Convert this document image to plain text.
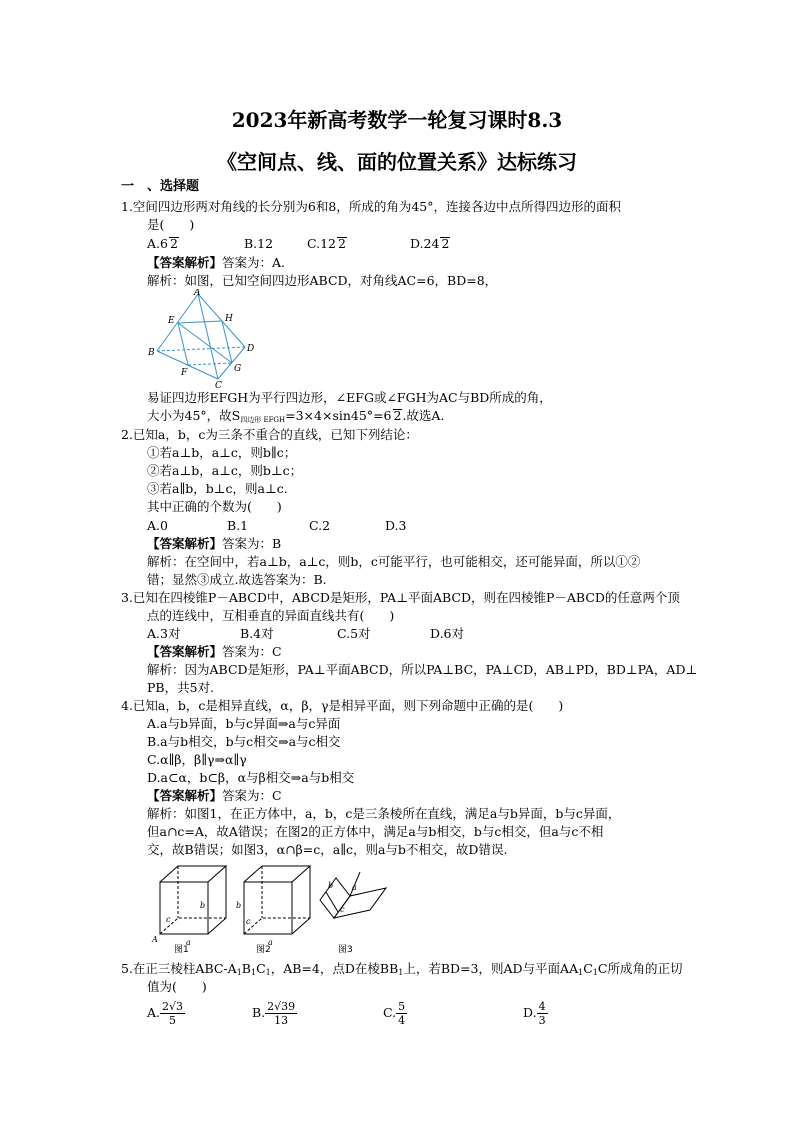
2023年新高考数学一轮复习课时8.3
《空间点、线、面的位置关系》达标练习
一　、选择题
1.空间四边形两对角线的长分别为6和8，所成的角为45°，连接各边中点所得四边形的面积
是(　　)
A.6 2	B.12	C.12 2	D.24 2
【答案解析】答案为：A.
解析：如图，已知空间四边形ABCD，对角线AC=6，BD=8，
A
E	H
B	D
F	G
C
易证四边形EFGH为平行四边形，∠EFG或∠FGH为AC与BD所成的角，
大小为45°，故$S_{四边形 EFGH}=3\times 4\times\sin 45^\circ=6$ 2.故选A.
2.已知a，b，c为三条不重合的直线，已知下列结论：
①若a⊥b，a⊥c，则b∥c；
②若a⊥b，a⊥c，则b⊥c；
③若a∥b，b⊥c，则a⊥c.
其中正确的个数为(　　)
A.0	B.1	C.2	D.3
【答案解析】答案为：B
解析：在空间中，若a⊥b，a⊥c，则b，c可能平行，也可能相交，还可能异面，所以①②
错；显然③成立.故选答案为：B.
3.已知在四棱锥P－ABCD中，ABCD是矩形，PA⊥平面ABCD，则在四棱锥P－ABCD的任意两个顶
点的连线中，互相垂直的异面直线共有(　　)
A.3对	B.4对	C.5对	D.6对
【答案解析】答案为：C
解析：因为ABCD是矩形，PA⊥平面ABCD，所以PA⊥BC，PA⊥CD，AB⊥PD，BD⊥PA，AD⊥
PB，共5对.
4.已知a，b，c是相异直线，α，β，γ是相异平面，则下列命题中正确的是(　　)
A.a与b异面，b与c异面⇒a与c异面
B.a与b相交，b与c相交⇒a与c相交
C.α∥β，β∥γ⇒α∥γ
D.a⊂α，b⊂β，α与β相交⇒a与b相交
【答案解析】答案为：C
解析：如图1，在正方体中，a，b，c是三条棱所在直线，满足a与b异面，b与c异面，
但a∩c=A，故A错误；在图2的正方体中，满足a与b相交，b与c相交，但a与c不相
交，故B错误；如图3，α∩β=c，a∥c，则a与b不相交，故D错误.
a
b
c
A	a
b
c
a
b
c
图1	图2	图3
5.在正三棱柱ABC-$A_1B_1C_1$，AB=4，点D在棱$BB_1$上，若BD=3，则AD与平面$AA_1C_1C$所成角的正切
值为(　　)
A. $\frac{2√3}{5}$	B. $\frac{2√39}{13}$	C. $\frac{5}{4}$	D. $\frac{4}{3}$
